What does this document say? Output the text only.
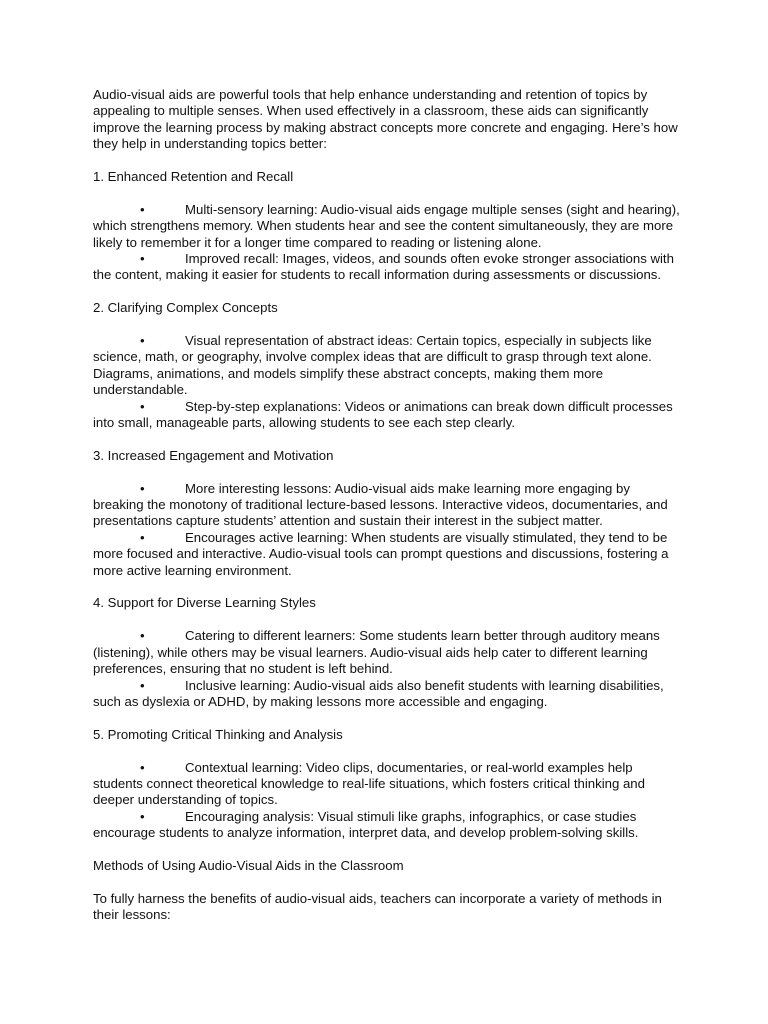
Audio-visual aids are powerful tools that help enhance understanding and retention of topics by appealing to multiple senses. When used effectively in a classroom, these aids can significantly improve the learning process by making abstract concepts more concrete and engaging. Here’s how they help in understanding topics better:

1. Enhanced Retention and Recall

•	Multi-sensory learning: Audio-visual aids engage multiple senses (sight and hearing), which strengthens memory. When students hear and see the content simultaneously, they are more likely to remember it for a longer time compared to reading or listening alone.

•	Improved recall: Images, videos, and sounds often evoke stronger associations with the content, making it easier for students to recall information during assessments or discussions.

2. Clarifying Complex Concepts

•	Visual representation of abstract ideas: Certain topics, especially in subjects like science, math, or geography, involve complex ideas that are difficult to grasp through text alone. Diagrams, animations, and models simplify these abstract concepts, making them more understandable.

•	Step-by-step explanations: Videos or animations can break down difficult processes into small, manageable parts, allowing students to see each step clearly.

3. Increased Engagement and Motivation

•	More interesting lessons: Audio-visual aids make learning more engaging by breaking the monotony of traditional lecture-based lessons. Interactive videos, documentaries, and presentations capture students’ attention and sustain their interest in the subject matter.

•	Encourages active learning: When students are visually stimulated, they tend to be more focused and interactive. Audio-visual tools can prompt questions and discussions, fostering a more active learning environment.

4. Support for Diverse Learning Styles

•	Catering to different learners: Some students learn better through auditory means (listening), while others may be visual learners. Audio-visual aids help cater to different learning preferences, ensuring that no student is left behind.

•	Inclusive learning: Audio-visual aids also benefit students with learning disabilities, such as dyslexia or ADHD, by making lessons more accessible and engaging.

5. Promoting Critical Thinking and Analysis

•	Contextual learning: Video clips, documentaries, or real-world examples help students connect theoretical knowledge to real-life situations, which fosters critical thinking and deeper understanding of topics.

•	Encouraging analysis: Visual stimuli like graphs, infographics, or case studies encourage students to analyze information, interpret data, and develop problem-solving skills.

Methods of Using Audio-Visual Aids in the Classroom

To fully harness the benefits of audio-visual aids, teachers can incorporate a variety of methods in their lessons:
